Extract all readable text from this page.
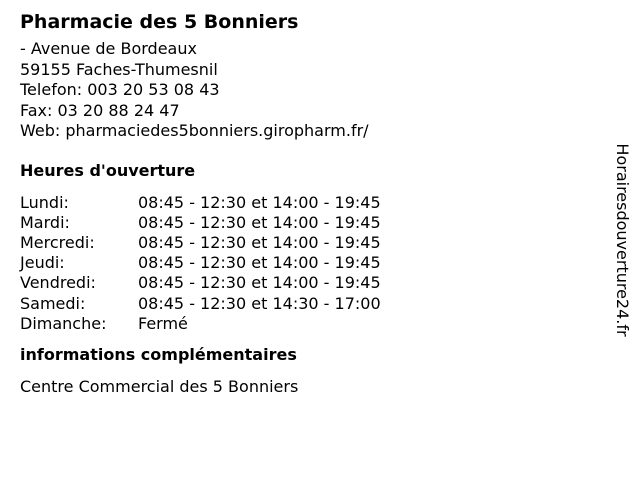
Pharmacie des 5 Bonniers
- Avenue de Bordeaux
59155 Faches-Thumesnil
Telefon: 003 20 53 08 43
Fax: 03 20 88 24 47
Web: pharmaciedes5bonniers.giropharm.fr/
Heures d'ouverture
Lundi:	08:45 - 12:30 et 14:00 - 19:45
Mardi:	08:45 - 12:30 et 14:00 - 19:45
Mercredi:	08:45 - 12:30 et 14:00 - 19:45
Jeudi:	08:45 - 12:30 et 14:00 - 19:45
Vendredi:	08:45 - 12:30 et 14:00 - 19:45
Samedi:	08:45 - 12:30 et 14:30 - 17:00
Dimanche:	Fermé
informations complémentaires
Centre Commercial des 5 Bonniers
Horairesdouverture24.fr
